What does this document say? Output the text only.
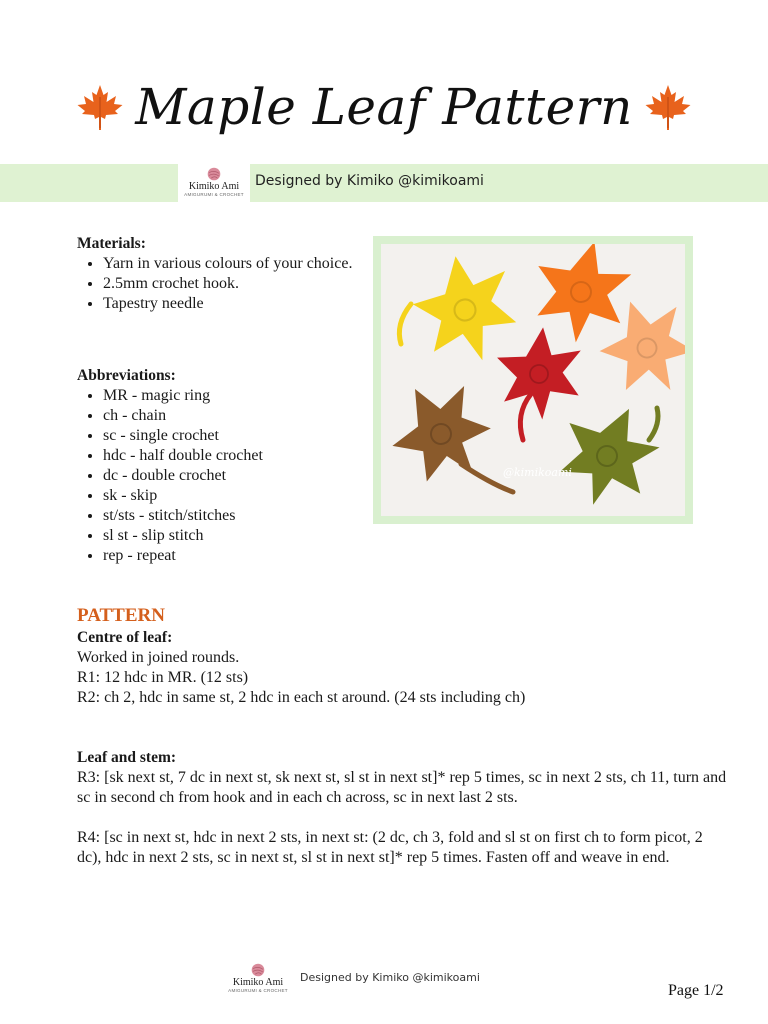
Maple Leaf Pattern
Kimiko Ami
AMIGURUMI & CROCHET
Designed by Kimiko @kimikoami
Materials:
• Yarn in various colours of your choice.
• 2.5mm crochet hook.
• Tapestry needle
Abbreviations:
• MR - magic ring
• ch - chain
• sc - single crochet
• hdc - half double crochet
• dc - double crochet
• sk - skip
• st/sts - stitch/stitches
• sl st - slip stitch
• rep - repeat
@kimikoami

PATTERN

Centre of leaf:

Worked in joined rounds.

R1: 12 hdc in MR. (12 sts)

R2: ch 2, hdc in same st, 2 hdc in each st around. (24 sts including ch)

Leaf and stem:

R3: [sk next st, 7 dc in next st, sk next st, sl st in next st]* rep 5 times, sc in next 2 sts, ch 11, turn and sc in second ch from hook and in each ch across, sc in next last 2 sts.

R4: [sc in next st, hdc in next 2 sts, in next st: (2 dc, ch 3, fold and sl st on first ch to form picot, 2 dc), hdc in next 2 sts, sc in next st, sl st in next st]* rep 5 times. Fasten off and weave in end.

Kimiko Ami
AMIGURUMI & CROCHET
Designed by Kimiko @kimikoami
Page 1/2
